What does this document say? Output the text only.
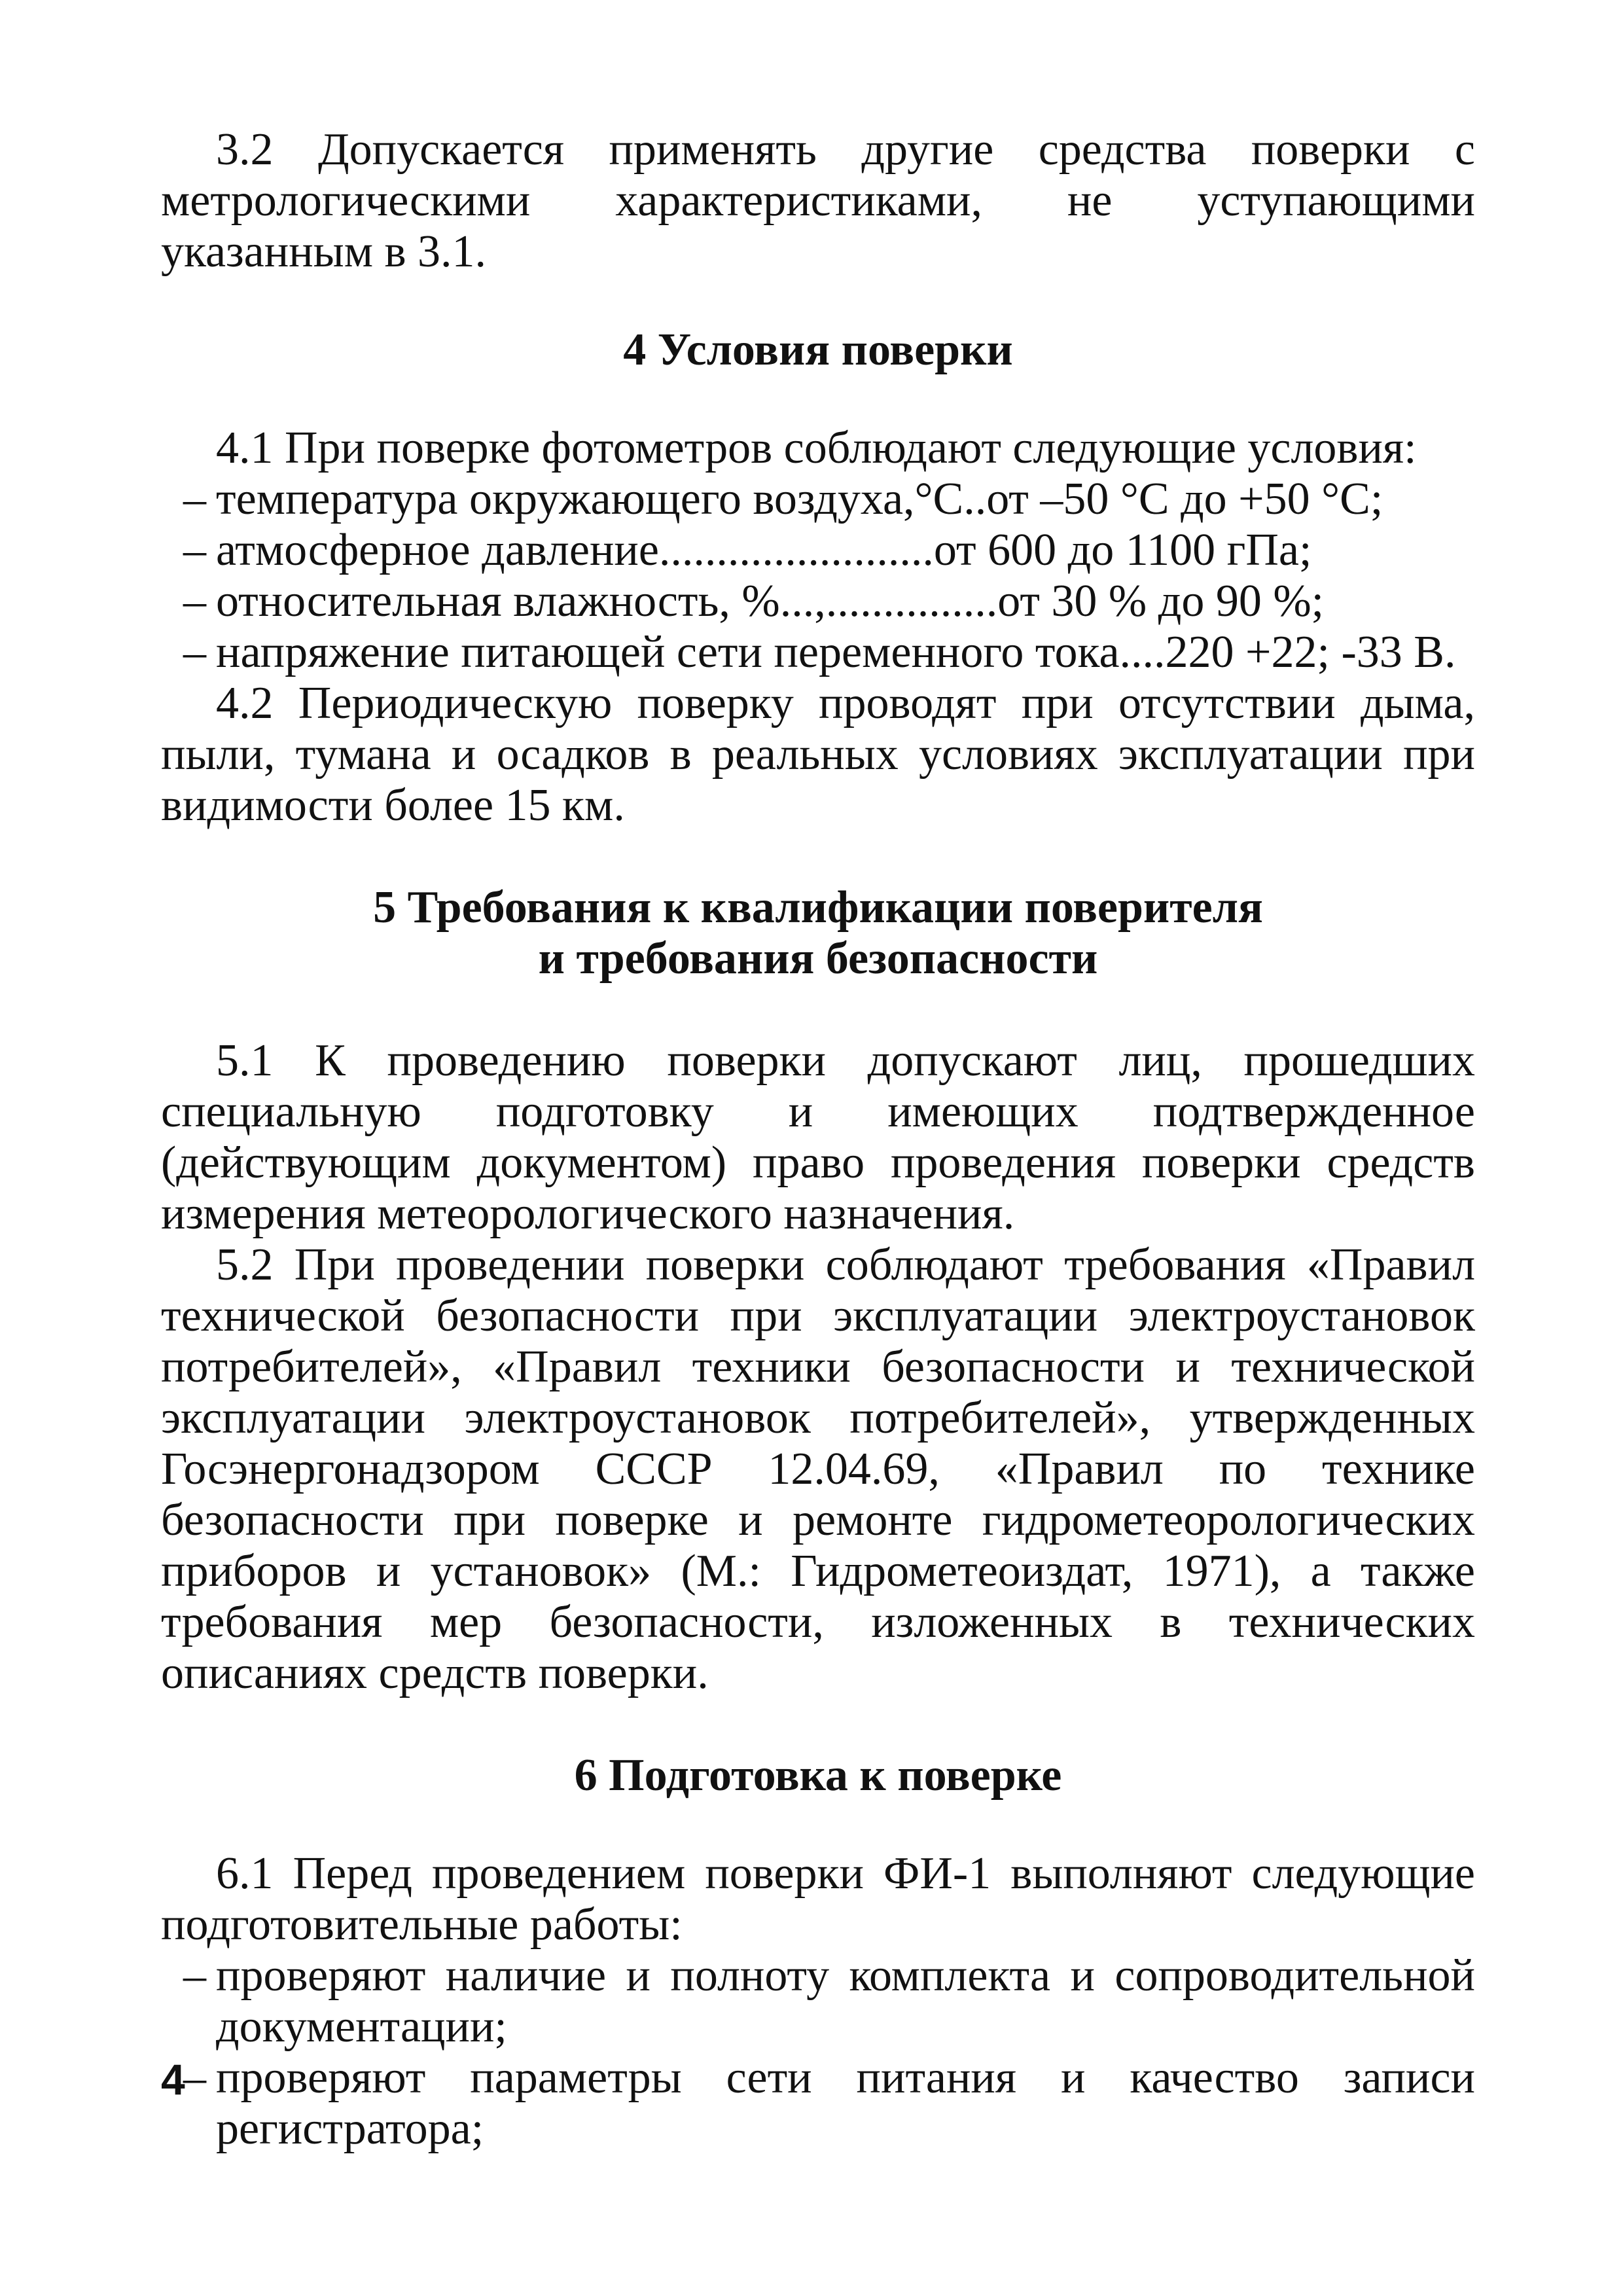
3.2 Допускается применять другие средства поверки с метрологическими характеристиками, не уступающими указанным в 3.1.

4 Условия поверки

4.1 При поверке фотометров соблюдают следующие условия:

– температура окружающего воздуха,°С..от –50 °С до +50 °С;

– атмосферное давление........................от 600 до 1100 гПа;

– относительная влажность, %...,...............от 30 % до 90 %;

– напряжение питающей сети переменного тока....220 +22; -33 В.

4.2 Периодическую поверку проводят при отсутствии дыма, пыли, тумана и осадков в реальных условиях эксплуатации при видимости более 15 км.

5 Требования к квалификации поверителя

и требования безопасности

5.1 К проведению поверки допускают лиц, прошедших специальную подготовку и имеющих подтвержденное (действующим документом) право проведения поверки средств измерения метеорологического назначения.

5.2 При проведении поверки соблюдают требования «Правил технической безопасности при эксплуатации электроустановок потребителей», «Правил техники безопасности и технической эксплуатации электроустановок потребителей», утвержденных Госэнергонадзором СССР 12.04.69, «Правил по технике безопасности при поверке и ремонте гидрометеорологических приборов и установок» (М.: Гидрометеоиздат, 1971), а также требования мер безопасности, изложенных в технических описаниях средств поверки.

6 Подготовка к поверке

6.1 Перед проведением поверки ФИ-1 выполняют следующие подготовительные работы:

– проверяют наличие и полноту комплекта и сопроводительной документации;

– проверяют параметры сети питания и качество записи регистратора;

4
